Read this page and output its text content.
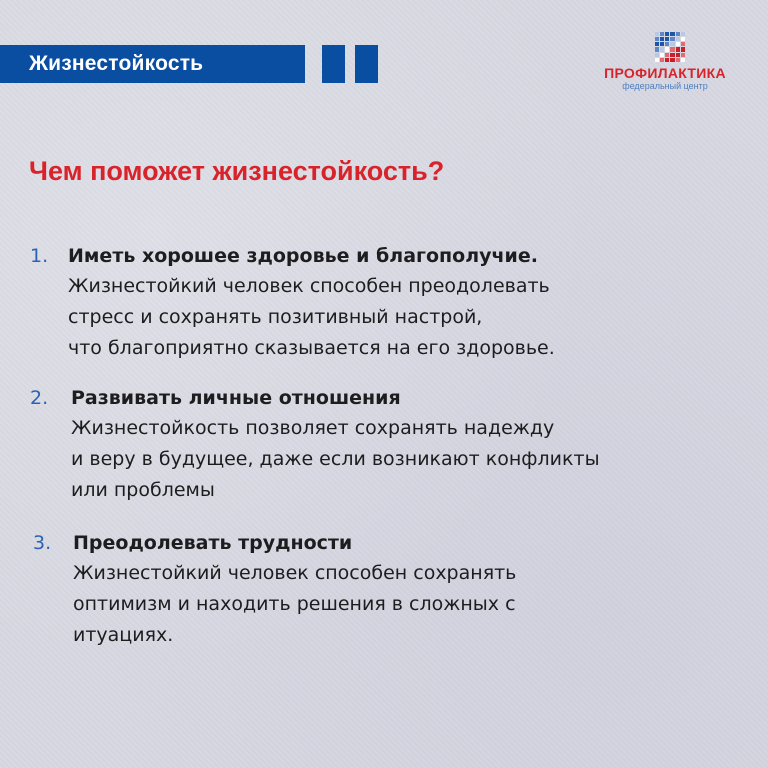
Жизнестойкость	ПРОФИЛАКТИКА
федеральный центр
Чем поможет жизнестойкость?
1. Иметь хорошее здоровье и благополучие.
Жизнестойкий человек способен преодолевать
стресс и сохранять позитивный настрой,
что благоприятно сказывается на его здоровье.
2. Развивать личные отношения
Жизнестойкость позволяет сохранять надежду
и веру в будущее, даже если возникают конфликты
или проблемы
3. Преодолевать трудности
Жизнестойкий человек способен сохранять
оптимизм и находить решения в сложных с
итуациях.
